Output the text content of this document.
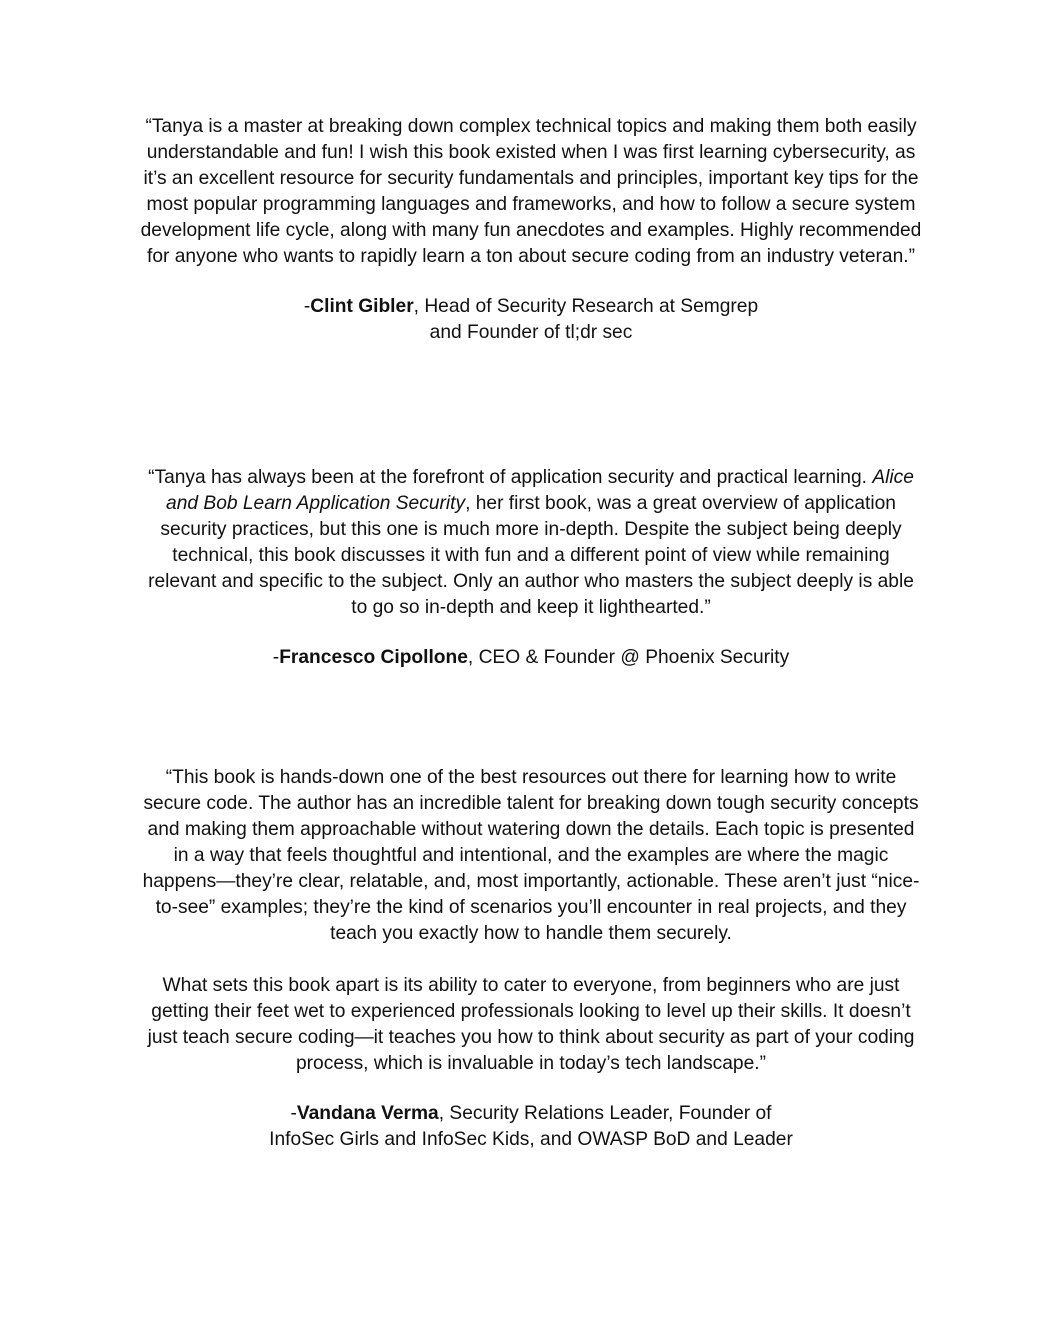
“Tanya is a master at breaking down complex technical topics and making them both easily understandable and fun! I wish this book existed when I was first learning cybersecurity, as it’s an excellent resource for security fundamentals and principles, important key tips for the most popular programming languages and frameworks, and how to follow a secure system development life cycle, along with many fun anecdotes and examples. Highly recommended for anyone who wants to rapidly learn a ton about secure coding from an industry veteran.”

-Clint Gibler, Head of Security Research at Semgrep
and Founder of tl;dr sec

“Tanya has always been at the forefront of application security and practical learning. Alice and Bob Learn Application Security, her first book, was a great overview of application security practices, but this one is much more in-depth. Despite the subject being deeply technical, this book discusses it with fun and a different point of view while remaining relevant and specific to the subject. Only an author who masters the subject deeply is able to go so in-depth and keep it lighthearted.”

-Francesco Cipollone, CEO & Founder @ Phoenix Security

“This book is hands-down one of the best resources out there for learning how to write secure code. The author has an incredible talent for breaking down tough security concepts and making them approachable without watering down the details. Each topic is presented in a way that feels thoughtful and intentional, and the examples are where the magic happens—they’re clear, relatable, and, most importantly, actionable. These aren’t just “nice-to-see” examples; they’re the kind of scenarios you’ll encounter in real projects, and they teach you exactly how to handle them securely.

What sets this book apart is its ability to cater to everyone, from beginners who are just getting their feet wet to experienced professionals looking to level up their skills. It doesn’t just teach secure coding—it teaches you how to think about security as part of your coding process, which is invaluable in today’s tech landscape.”

-Vandana Verma, Security Relations Leader, Founder of
InfoSec Girls and InfoSec Kids, and OWASP BoD and Leader
